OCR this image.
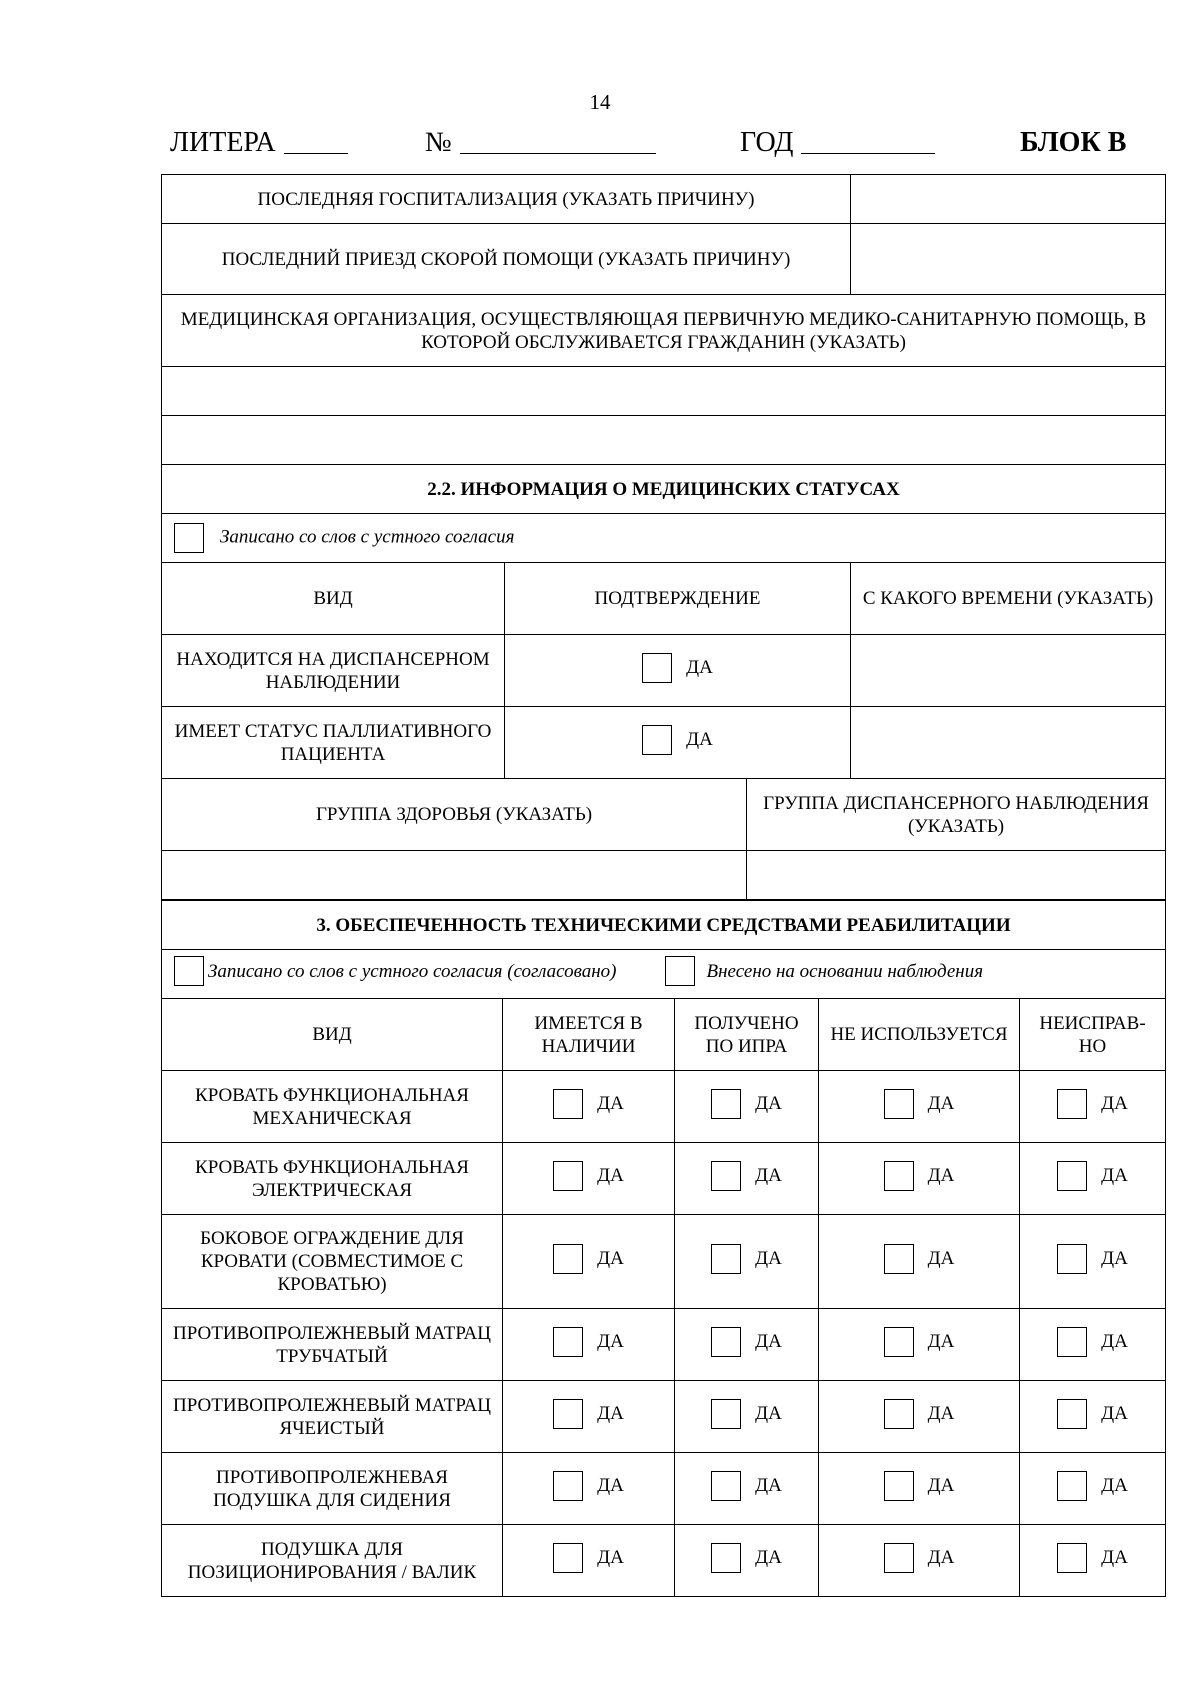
14
ЛИТЕРА	№	ГОД	БЛОК В
ПОСЛЕДНЯЯ ГОСПИТАЛИЗАЦИЯ (УКАЗАТЬ ПРИЧИНУ)			
ПОСЛЕДНИЙ ПРИЕЗД СКОРОЙ ПОМОЩИ (УКАЗАТЬ ПРИЧИНУ)			
МЕДИЦИНСКАЯ ОРГАНИЗАЦИЯ, ОСУЩЕСТВЛЯЮЩАЯ ПЕРВИЧНУЮ МЕДИКО-САНИТАРНУЮ ПОМОЩЬ, В КОТОРОЙ ОБСЛУЖИВАЕТСЯ ГРАЖДАНИН (УКАЗАТЬ)			

2.2. ИНФОРМАЦИЯ О МЕДИЦИНСКИХ СТАТУСАХ			
Записано со слов с устного согласия			
ВИД	ПОДТВЕРЖДЕНИЕ		С КАКОГО ВРЕМЕНИ (УКАЗАТЬ)
НАХОДИТСЯ НА ДИСПАНСЕРНОМ НАБЛЮДЕНИИ	ДА		

ИМЕЕТ СТАТУС ПАЛЛИАТИВНОГО ПАЦИЕНТА	ДА		

ГРУППА ЗДОРОВЬЯ (УКАЗАТЬ)		ГРУППА ДИСПАНСЕРНОГО НАБЛЮДЕНИЯ (УКАЗАТЬ)	

3. ОБЕСПЕЧЕННОСТЬ ТЕХНИЧЕСКИМИ СРЕДСТВАМИ РЕАБИЛИТАЦИИ				

Записано со слов с устного согласия (согласовано) Внесено на основании наблюдения				

ВИД	ИМЕЕТСЯ В НАЛИЧИИ	ПОЛУЧЕНО ПО ИПРА	НЕ ИСПОЛЬЗУЕТСЯ	НЕИСПРАВ-НО
КРОВАТЬ ФУНКЦИОНАЛЬНАЯ МЕХАНИЧЕСКАЯ	ДА	ДА	ДА	ДА

КРОВАТЬ ФУНКЦИОНАЛЬНАЯ ЭЛЕКТРИЧЕСКАЯ	ДА	ДА	ДА	ДА

БОКОВОЕ ОГРАЖДЕНИЕ ДЛЯ КРОВАТИ (СОВМЕСТИМОЕ С КРОВАТЬЮ)	ДА	ДА	ДА	ДА

ПРОТИВОПРОЛЕЖНЕВЫЙ МАТРАЦ ТРУБЧАТЫЙ	ДА	ДА	ДА	ДА

ПРОТИВОПРОЛЕЖНЕВЫЙ МАТРАЦ ЯЧЕИСТЫЙ	ДА	ДА	ДА	ДА

ПРОТИВОПРОЛЕЖНЕВАЯ ПОДУШКА ДЛЯ СИДЕНИЯ	ДА	ДА	ДА	ДА

ПОДУШКА ДЛЯ ПОЗИЦИОНИРОВАНИЯ / ВАЛИК	ДА	ДА	ДА	ДА
